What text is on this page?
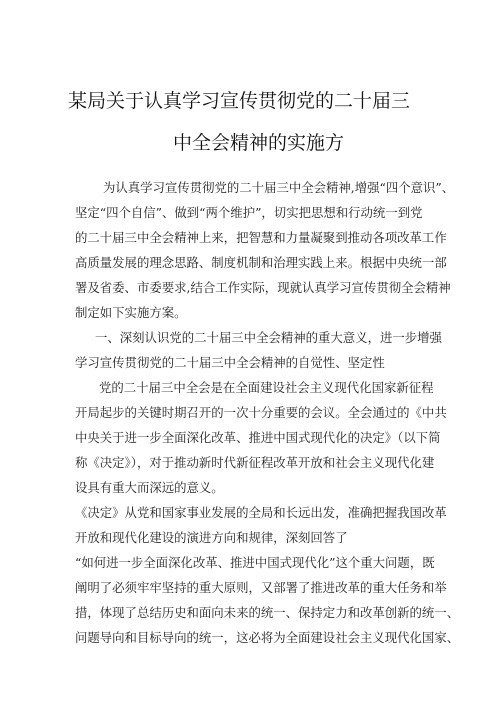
某局关于认真学习宣传贯彻党的二十届三
中全会精神的实施方
为认真学习宣传贯彻党的二十届三中全会精神,增强“四个意识”、
坚定“四个自信”、做到“两个维护”，切实把思想和行动统一到党
的二十届三中全会精神上来，把智慧和力量凝聚到推动各项改革工作
高质量发展的理念思路、制度机制和治理实践上来。根据中央统一部
署及省委、市委要求,结合工作实际，现就认真学习宣传贯彻全会精神
制定如下实施方案。
一、深刻认识党的二十届三中全会精神的重大意义，进一步增强
学习宣传贯彻党的二十届三中全会精神的自觉性、坚定性
党的二十届三中全会是在全面建设社会主义现代化国家新征程
开局起步的关键时期召开的一次十分重要的会议。全会通过的《中共
中央关于进一步全面深化改革、推进中国式现代化的决定》（以下简
称《决定》），对于推动新时代新征程改革开放和社会主义现代化建
设具有重大而深远的意义。
《决定》从党和国家事业发展的全局和长远出发，准确把握我国改革
开放和现代化建设的演进方向和规律，深刻回答了
“如何进一步全面深化改革、推进中国式现代化”这个重大问题，既
阐明了必须牢牢坚持的重大原则，又部署了推进改革的重大任务和举
措，体现了总结历史和面向未来的统一、保持定力和改革创新的统一、
问题导向和目标导向的统一，这必将为全面建设社会主义现代化国家、
